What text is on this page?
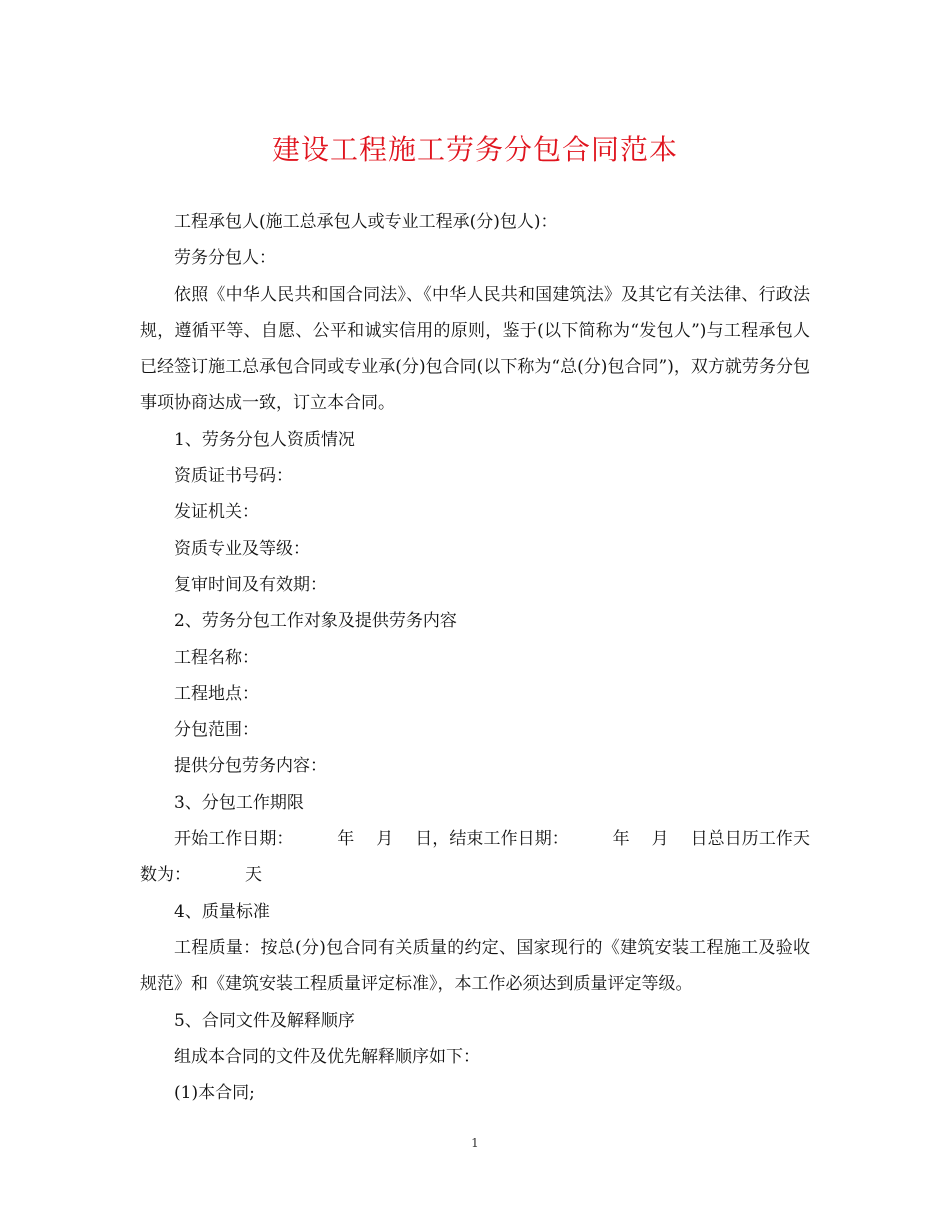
建设工程施工劳务分包合同范本

工程承包人(施工总承包人或专业工程承(分)包人)：

劳务分包人：

依照《中华人民共和国合同法》、《中华人民共和国建筑法》及其它有关法律、行政法规，遵循平等、自愿、公平和诚实信用的原则，鉴于(以下简称为“发包人”)与工程承包人已经签订施工总承包合同或专业承(分)包合同(以下称为“总(分)包合同”)，双方就劳务分包事项协商达成一致，订立本合同。

1、劳务分包人资质情况

资质证书号码：

发证机关：

资质专业及等级：

复审时间及有效期：

2、劳务分包工作对象及提供劳务内容

工程名称：

工程地点：

分包范围：

提供分包劳务内容：

3、分包工作期限

开始工作日期：        年    月    日，结束工作日期：        年    月    日总日历工作天数为：          天

4、质量标准

工程质量：按总(分)包合同有关质量的约定、国家现行的《建筑安装工程施工及验收规范》和《建筑安装工程质量评定标准》，本工作必须达到质量评定等级。

5、合同文件及解释顺序

组成本合同的文件及优先解释顺序如下：

(1)本合同;

1
